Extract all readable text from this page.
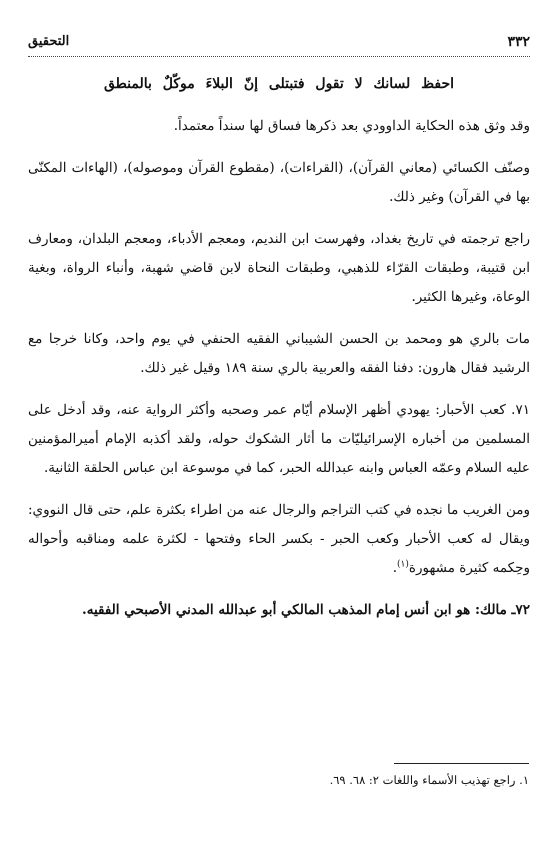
٣٣٢
التحقيق

احفظ لسانك لا تقول فتبتلى إنّ البلاءَ موكّلٌ بالمنطق

وقد وثق هذه الحكاية الداوودي بعد ذكرها فساق لها سنداً معتمداً.

وصنّف الكسائي (معاني القرآن)، (القراءات)، (مقطوع القرآن وموصوله)، (الهاءات المكنّى بها في القرآن) وغير ذلك.

راجع ترجمته في تاريخ بغداد، وفهرست ابن النديم، ومعجم الأدباء، ومعجم البلدان، ومعارف ابن قتيبة، وطبقات القرّاء للذهبي، وطبقات النحاة لابن قاضي شهبة، وأنباء الرواة، وبغية الوعاة، وغيرها الكثير.

مات بالري هو ومحمد بن الحسن الشيباني الفقيه الحنفي في يوم واحد، وكانا خرجا مع الرشيد فقال هارون: دفنا الفقه والعربية بالري سنة ١٨٩ وقيل غير ذلك.

٧١. كعب الأحبار: يهودي أظهر الإسلام أيّام عمر وصحبه وأكثر الرواية عنه، وقد أدخل على المسلمين من أخباره الإسرائيليّات ما أثار الشكوك حوله، ولقد أكذبه الإمام أميرالمؤمنين عليه السلام وعمّه العباس وابنه عبدالله الحبر، كما في موسوعة ابن عباس الحلقة الثانية.

ومن الغريب ما نجده في كتب التراجم والرجال عنه من اطراء بكثرة علم، حتى قال النووي: ويقال له كعب الأحبار وكعب الحبر - بكسر الحاء وفتحها - لكثرة علمه ومناقبه وأحواله وحِكمه كثيرة مشهورة$^{(١)}$.

٧٢ـ مالك: هو ابن أنس إمام المذهب المالكي أبو عبدالله المدني الأصبحي الفقيه.

١. راجع تهذيب الأسماء واللغات ٢: ٦٨. ٦٩.
